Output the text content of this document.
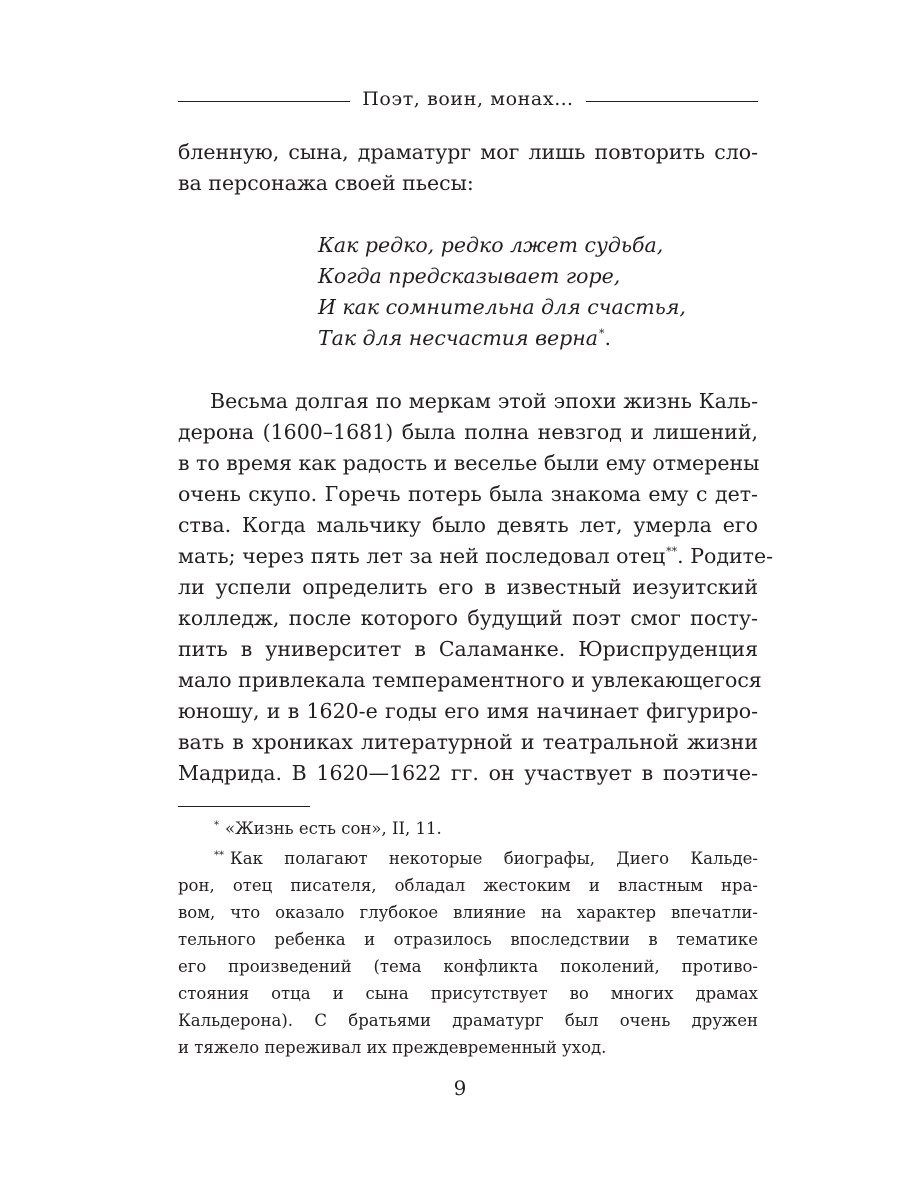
Поэт, воин, монах…
бленную, сына, драматург мог лишь повторить сло-
ва персонажа своей пьесы:
Как редко, редко лжет судьба,
Когда предсказывает горе,
И как сомнительна для счастья,
Так для несчастия верна*.
Весьма долгая по меркам этой эпохи жизнь Каль-
дерона (1600–1681) была полна невзгод и лишений,
в то время как радость и веселье были ему отмерены
очень скупо. Горечь потерь была знакома ему с дет-
ства. Когда мальчику было девять лет, умерла его
мать; через пять лет за ней последовал отец**. Родите-
ли успели определить его в известный иезуитский
колледж, после которого будущий поэт смог посту-
пить в университет в Саламанке. Юриспруденция
мало привлекала темпераментного и увлекающегося
юношу, и в 1620-е годы его имя начинает фигуриро-
вать в хрониках литературной и театральной жизни
Мадрида. В 1620—1622 гг. он участвует в поэтиче-
* «Жизнь есть сон», II, 11.
** Как полагают некоторые биографы, Диего Кальде-
рон, отец писателя, обладал жестоким и властным нра-
вом, что оказало глубокое влияние на характер впечатли-
тельного ребенка и отразилось впоследствии в тематике
его произведений (тема конфликта поколений, противо-
стояния отца и сына присутствует во многих драмах
Кальдерона). С братьями драматург был очень дружен
и тяжело переживал их преждевременный уход.
9
